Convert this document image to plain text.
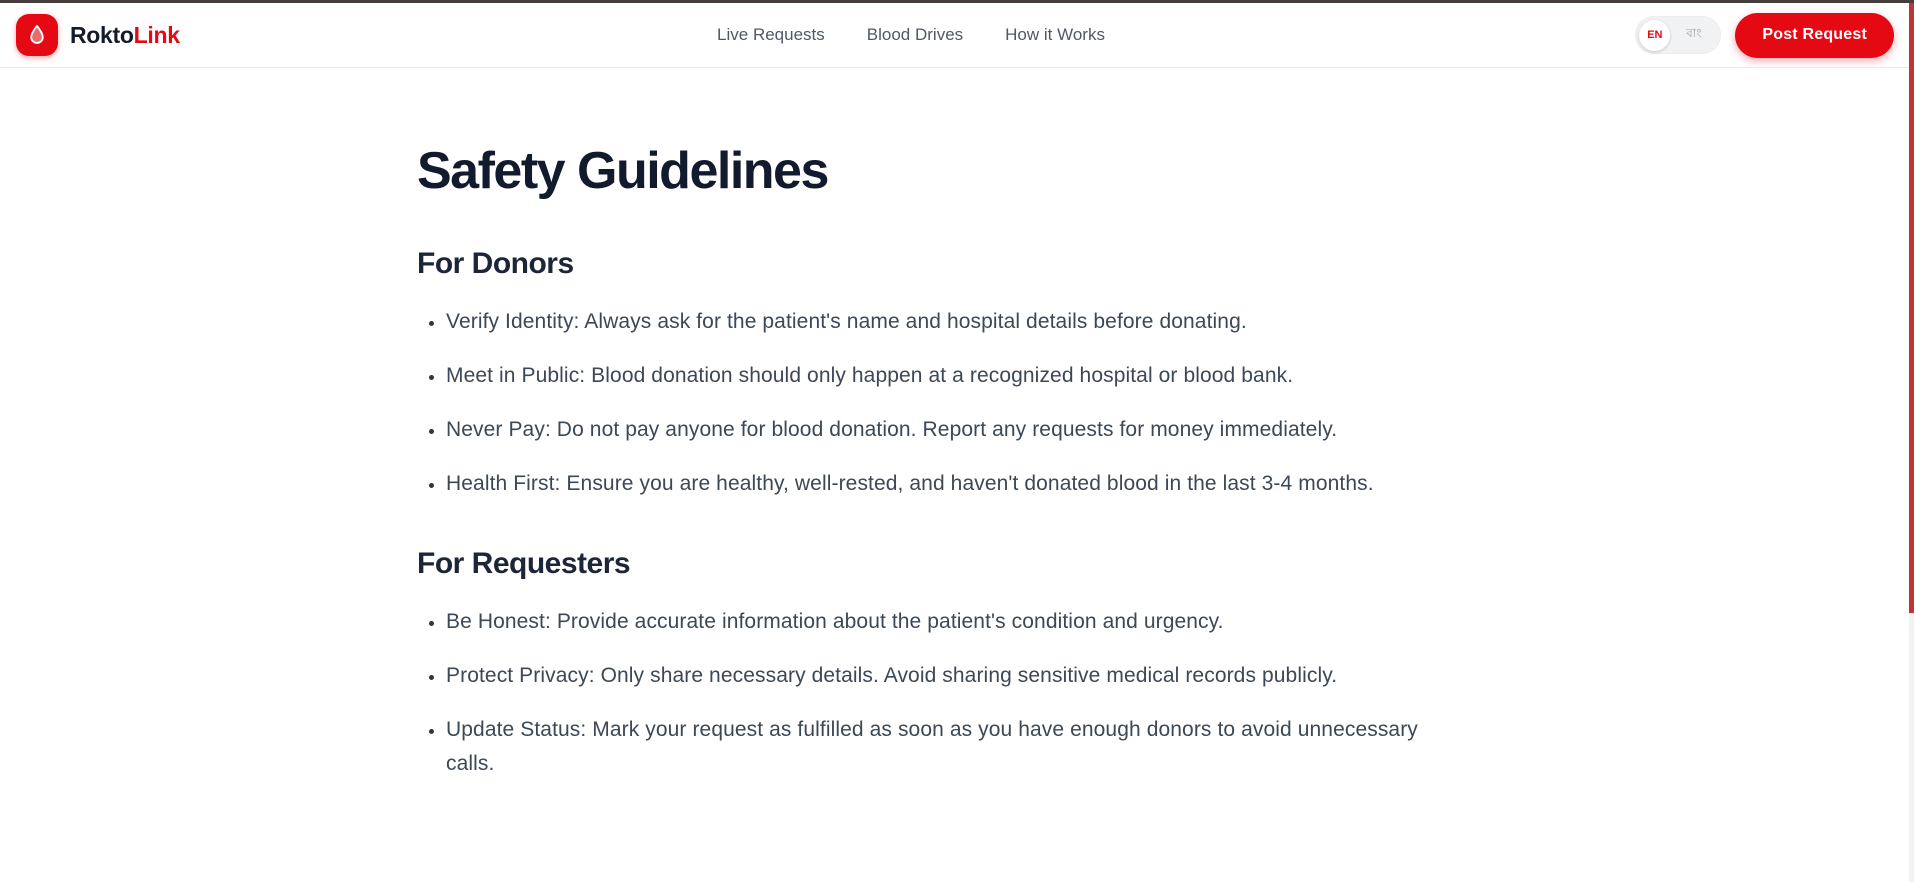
RoktoLink	Live Requests Blood Drives How it Works	EN	বাং	Post Request
Safety Guidelines
For Donors
• Verify Identity: Always ask for the patient's name and hospital details before donating.
• Meet in Public: Blood donation should only happen at a recognized hospital or blood bank.
• Never Pay: Do not pay anyone for blood donation. Report any requests for money immediately.
• Health First: Ensure you are healthy, well-rested, and haven't donated blood in the last 3-4 months.
For Requesters
• Be Honest: Provide accurate information about the patient's condition and urgency.
• Protect Privacy: Only share necessary details. Avoid sharing sensitive medical records publicly.
• Update Status: Mark your request as fulfilled as soon as you have enough donors to avoid unnecessary calls.
